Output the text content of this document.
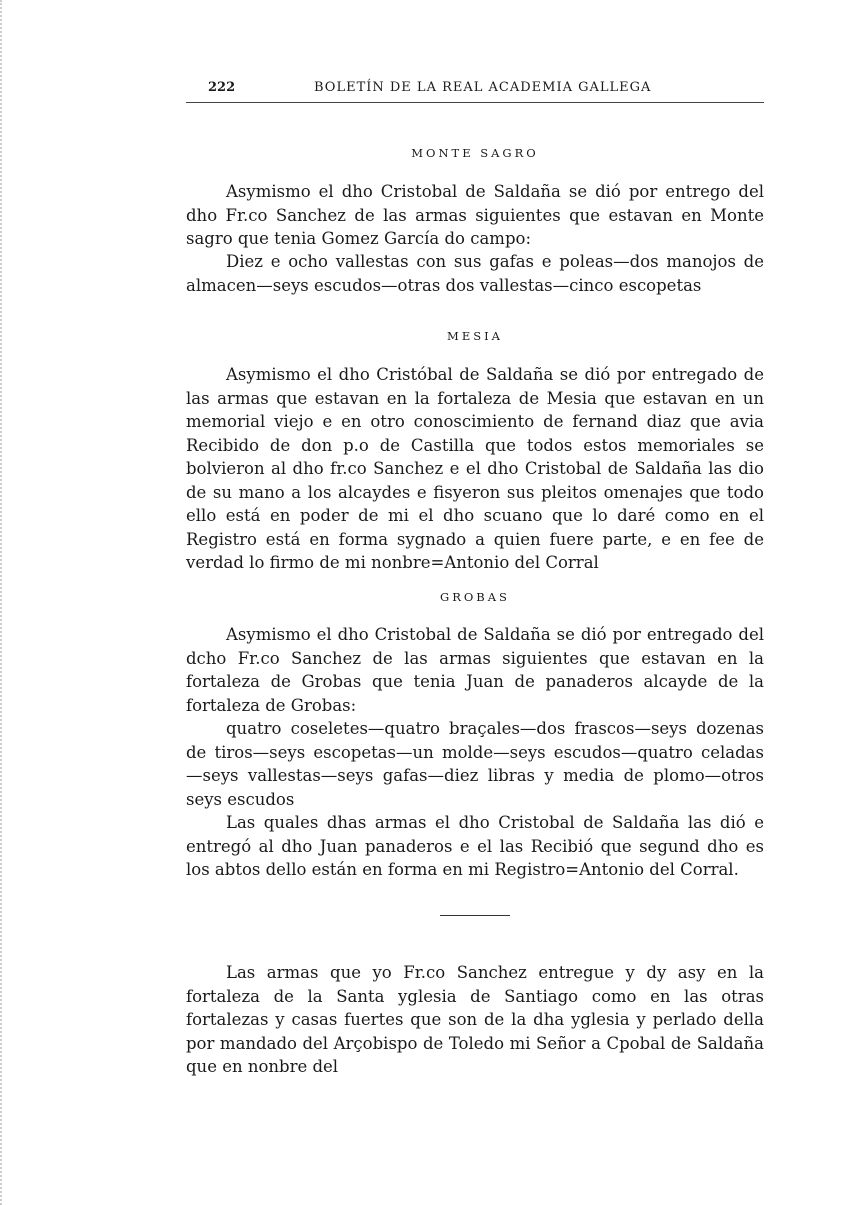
222	BOLETÍN DE LA REAL ACADEMIA GALLEGA
MONTE SAGRO

Asymismo el dho Cristobal de Saldaña se dió por entrego del dho Fr.co Sanchez de las armas siguientes que estavan en Monte sagro que tenia Gomez García do campo:

Diez e ocho vallestas con sus gafas e poleas—dos manojos de almacen—seys escudos—otras dos vallestas—cinco escopetas

MESIA

Asymismo el dho Cristóbal de Saldaña se dió por entregado de las armas que estavan en la fortaleza de Mesia que estavan en un memorial viejo e en otro conoscimiento de fernand diaz que avia Recibido de don p.o de Castilla que todos estos memoriales se bolvieron al dho fr.co Sanchez e el dho Cristobal de Saldaña las dio de su mano a los alcaydes e fisyeron sus pleitos omenajes que todo ello está en poder de mi el dho scuano que lo daré como en el Registro está en forma sygnado a quien fuere parte, e en fee de verdad lo firmo de mi nonbre=Antonio del Corral

GROBAS

Asymismo el dho Cristobal de Saldaña se dió por entregado del dcho Fr.co Sanchez de las armas siguientes que estavan en la fortaleza de Grobas que tenia Juan de panaderos alcayde de la fortaleza de Grobas:

quatro coseletes—quatro braçales—dos frascos—seys dozenas de tiros—seys escopetas—un molde—seys escudos—quatro celadas—seys vallestas—seys gafas—diez libras y media de plomo—otros seys escudos

Las quales dhas armas el dho Cristobal de Saldaña las dió e entregó al dho Juan panaderos e el las Recibió que segund dho es los abtos dello están en forma en mi Registro=Antonio del Corral.

Las armas que yo Fr.co Sanchez entregue y dy asy en la fortaleza de la Santa yglesia de Santiago como en las otras fortalezas y casas fuertes que son de la dha yglesia y perlado della por mandado del Arçobispo de Toledo mi Señor a Cpobal de Saldaña que en nonbre del
